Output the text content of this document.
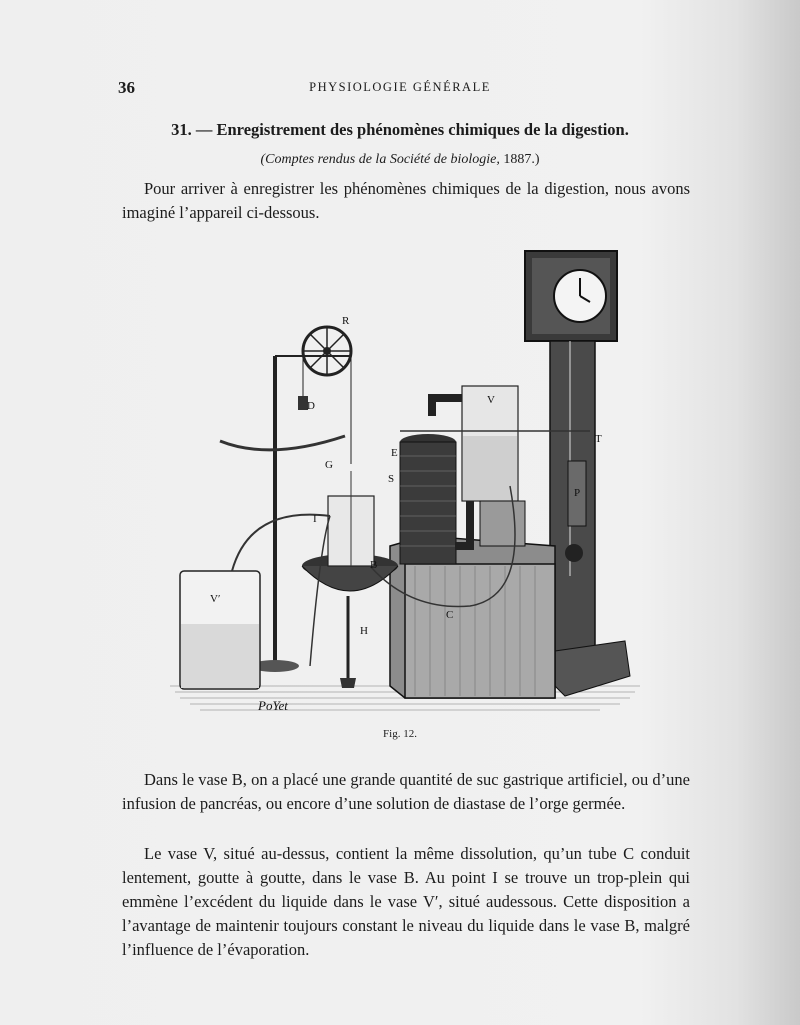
36	PHYSIOLOGIE GÉNÉRALE
31. — Enregistrement des phénomènes chimiques de la digestion.
(Comptes rendus de la Société de biologie, 1887.)
Pour arriver à enregistrer les phénomènes chimiques de la digestion, nous avons imaginé l’appareil ci-dessous.
R
D
G
I
E
S
V
V′
B
H
C
T
P
PoYet
Fig. 12.
Dans le vase B, on a placé une grande quantité de suc gastrique artificiel, ou d’une infusion de pancréas, ou encore d’une solution de diastase de l’orge germée.
Le vase V, situé au-dessus, contient la même dissolution, qu’un tube C conduit lentement, goutte à goutte, dans le vase B. Au point I se trouve un trop-plein qui emmène l’excédent du liquide dans le vase V′, situé audessous. Cette disposition a l’avantage de maintenir toujours constant le niveau du liquide dans le vase B, malgré l’influence de l’évaporation.
